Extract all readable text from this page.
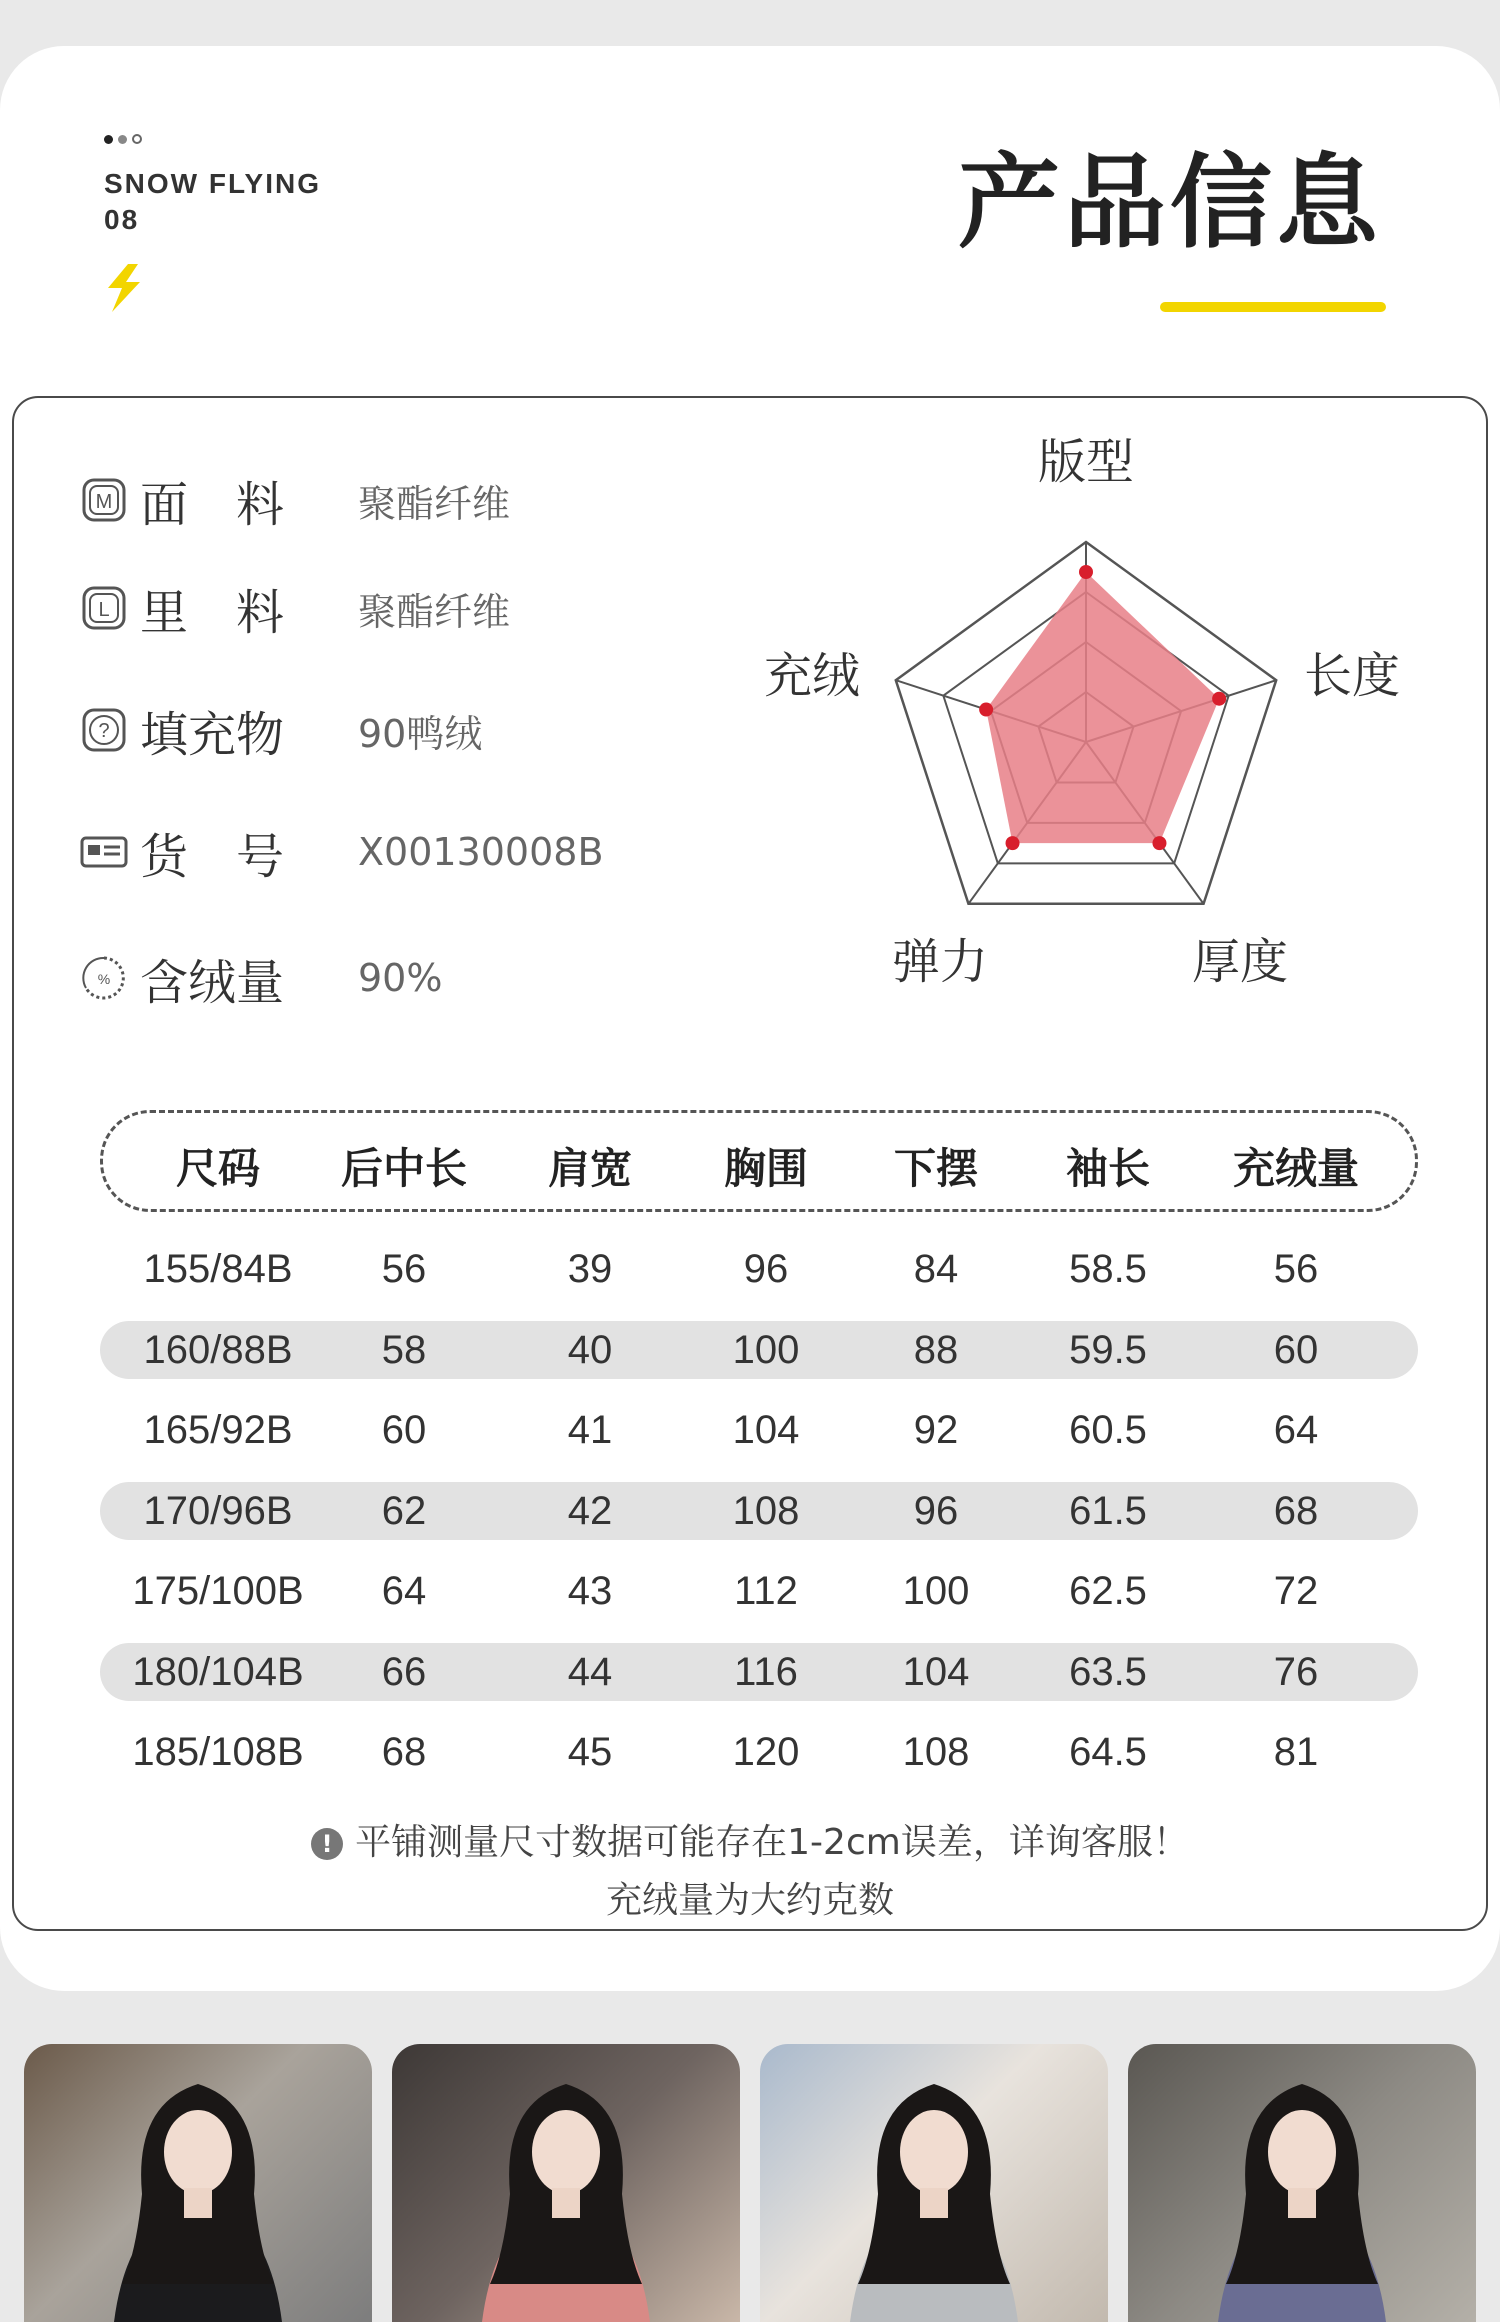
SNOW FLYING
08	产品信息
M 面　料	聚酯纤维
L 里　料	聚酯纤维
? 填充物	90鸭绒
货　号	X00130008B
% 含绒量	90%
版型
长度
厚度
弹力
充绒
尺码 后中长 肩宽 胸围 下摆 袖长 充绒量
155/84B 56	39	96	84	58.5	56
160/88B 58	40	100	88	59.5	60
165/92B 60	41	104	92	60.5	64
170/96B 62	42	108	96	61.5	68
175/100B 64	43	112	100 62.5	72
180/104B 66	44	116	104 63.5	76
185/108B 68	45	120	108 64.5	81
! 平铺测量尺寸数据可能存在1-2cm误差，详询客服！
充绒量为大约克数
